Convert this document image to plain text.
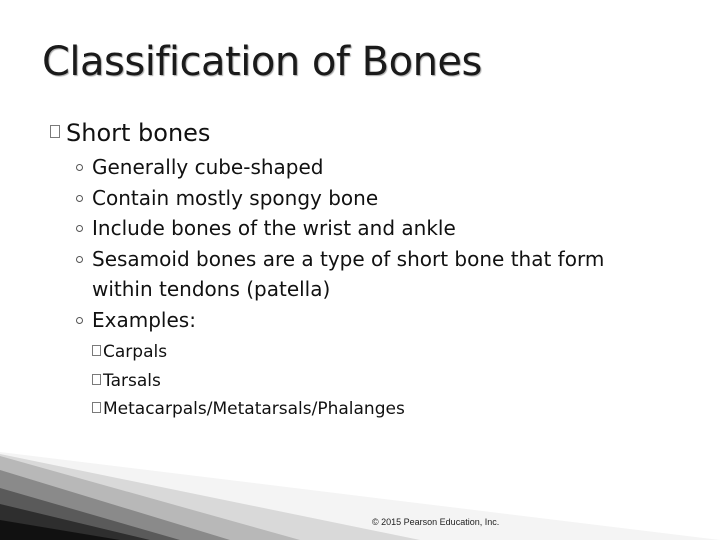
Classification of Bones
Short bones
Generally cube-shaped
Contain mostly spongy bone
Include bones of the wrist and ankle
Sesamoid bones are a type of short bone that form
within tendons (patella)
Examples:
Carpals
Tarsals
Metacarpals/Metatarsals/Phalanges
© 2015 Pearson Education, Inc.
